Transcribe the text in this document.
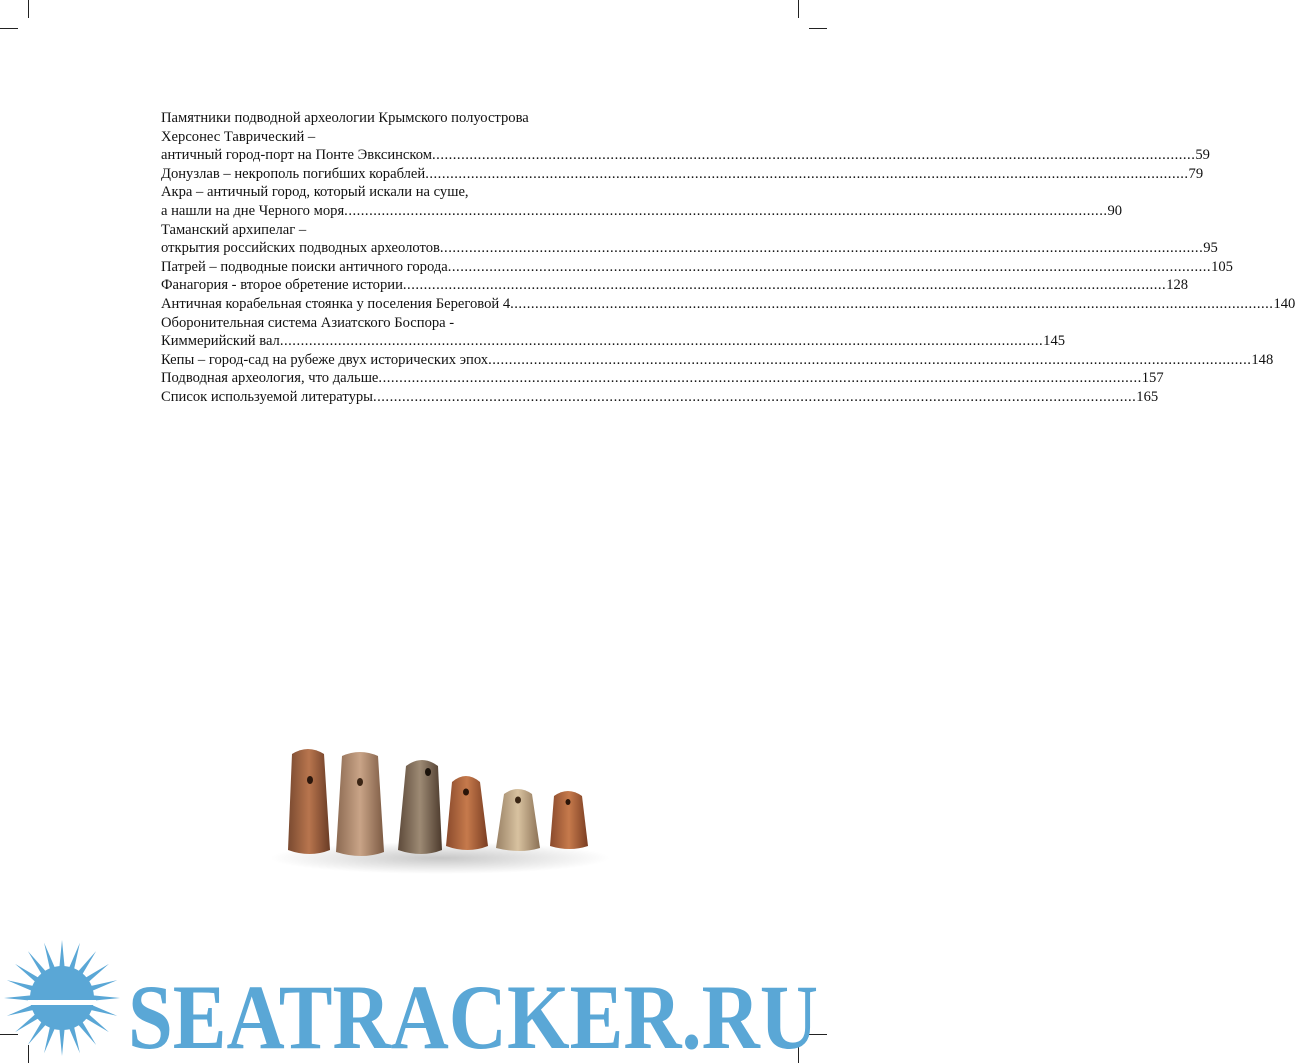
Памятники подводной археологии Крымского полуострова
Херсонес Таврический –
античный город-порт на Понте Эвксинском .....	59
Донузлав – некрополь погибших кораблей .....	79
Акра – античный город, который искали на суше,
а нашли на дне Черного моря .....	90
Таманский архипелаг –
открытия российских подводных археолотов .....	95
Патрей – подводные поиски античного города .....	105
Фанагория - второе обретение истории .....	128
Античная корабельная стоянка у поселения Береговой 4 .....	140
Оборонительная система Азиатского Боспора -
Киммерийский вал .....	145
Кепы – город-сад на рубеже двух исторических эпох .....	148
Подводная археология, что дальше .....	157
Список используемой литературы .....	165
SEATRACKER.RU
